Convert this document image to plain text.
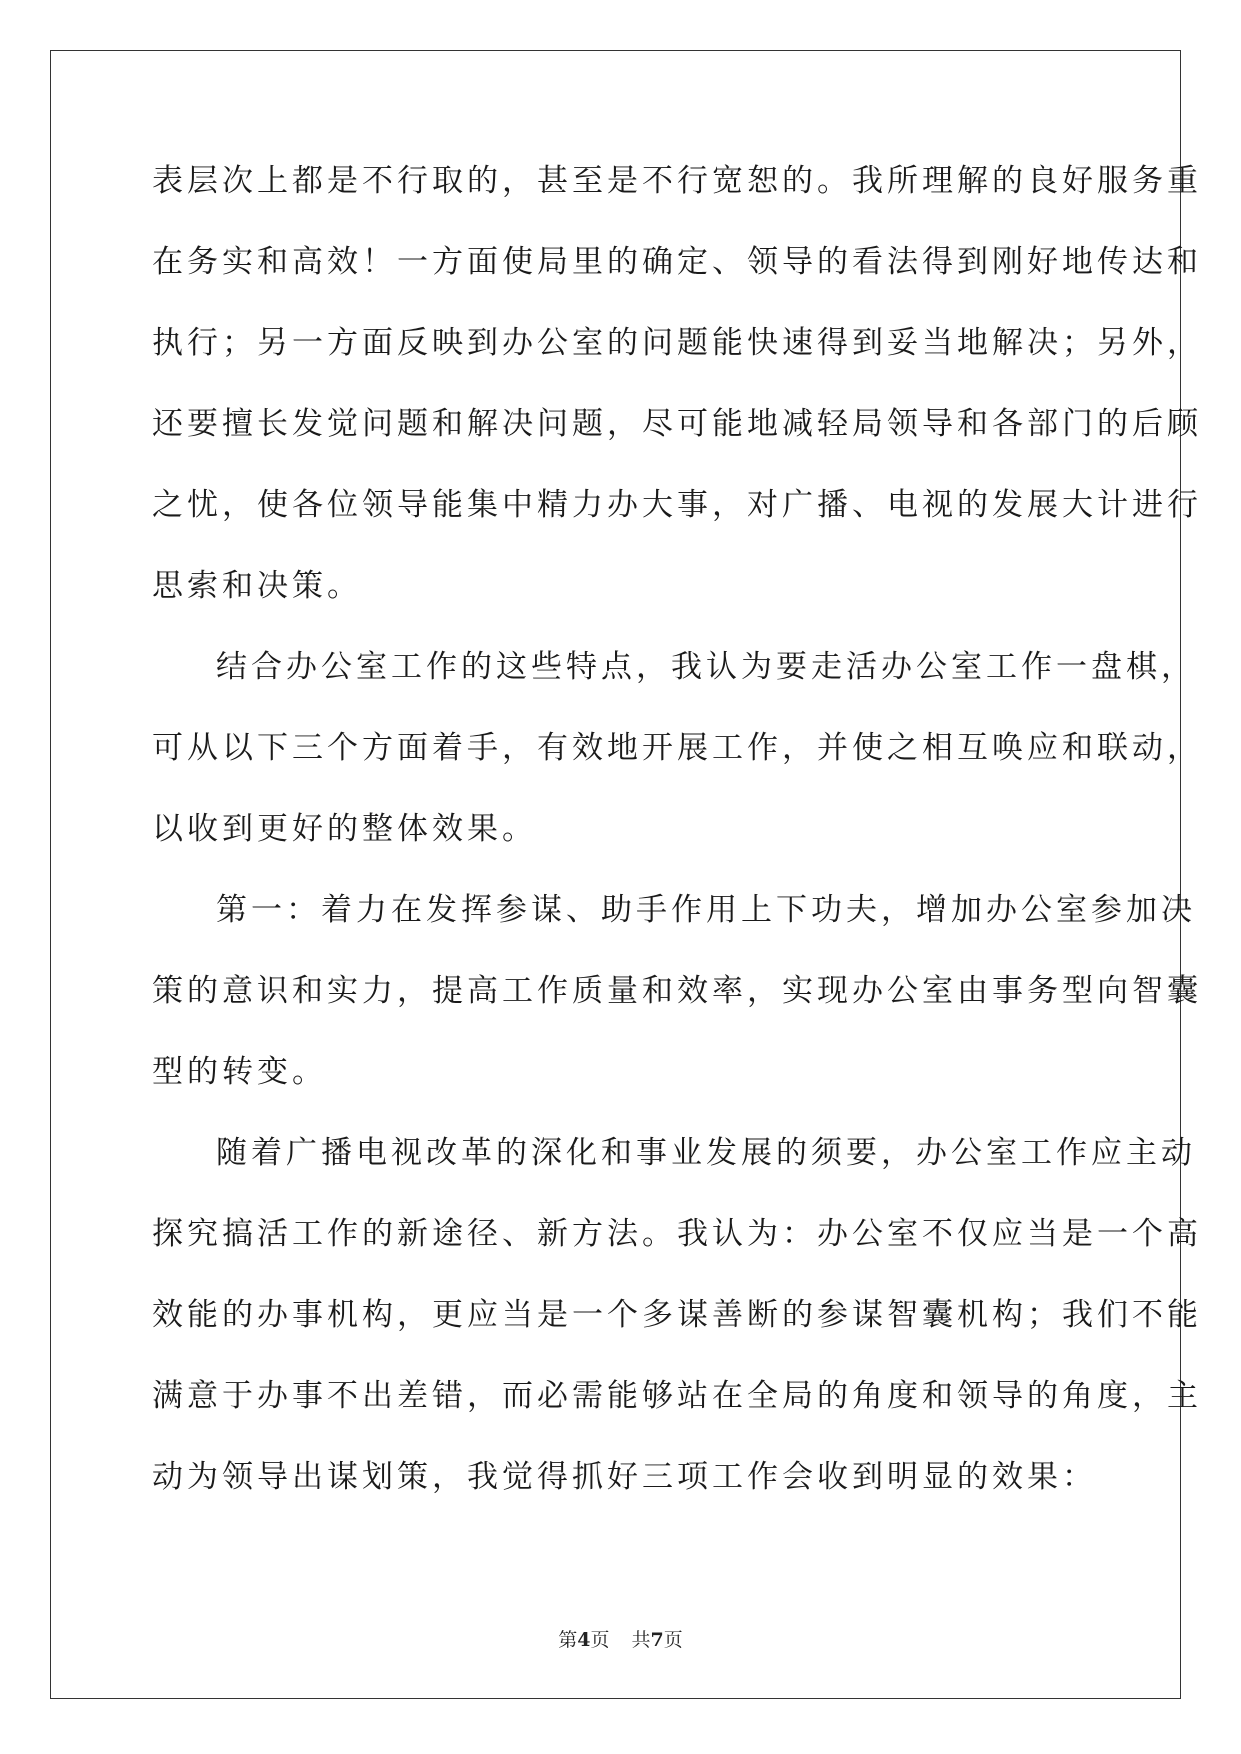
表层次上都是不行取的，甚至是不行宽恕的。我所理解的良好服务重
在务实和高效！一方面使局里的确定、领导的看法得到刚好地传达和
执行；另一方面反映到办公室的问题能快速得到妥当地解决；另外，
还要擅长发觉问题和解决问题，尽可能地减轻局领导和各部门的后顾
之忧，使各位领导能集中精力办大事，对广播、电视的发展大计进行
思索和决策。
结合办公室工作的这些特点，我认为要走活办公室工作一盘棋，
可从以下三个方面着手，有效地开展工作，并使之相互唤应和联动，
以收到更好的整体效果。
第一：着力在发挥参谋、助手作用上下功夫，增加办公室参加决
策的意识和实力，提高工作质量和效率，实现办公室由事务型向智囊
型的转变。
随着广播电视改革的深化和事业发展的须要，办公室工作应主动
探究搞活工作的新途径、新方法。我认为：办公室不仅应当是一个高
效能的办事机构，更应当是一个多谋善断的参谋智囊机构；我们不能
满意于办事不出差错，而必需能够站在全局的角度和领导的角度，主
动为领导出谋划策，我觉得抓好三项工作会收到明显的效果：
第4页 共7页
